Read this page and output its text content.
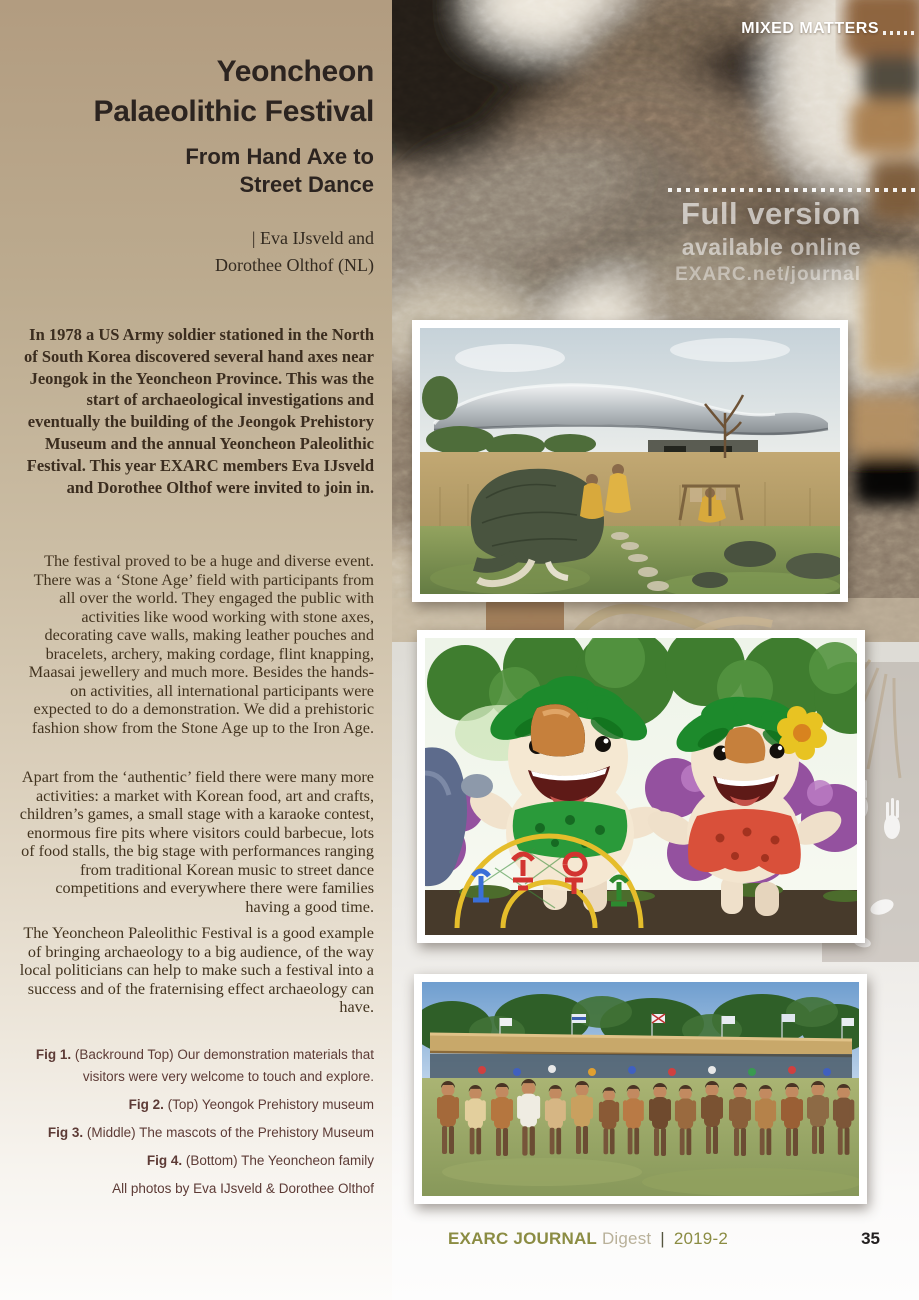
MIXED MATTERS
Full version
available online
EXARC.net/journal
Yeoncheon
Palaeolithic Festival
From Hand Axe to
Street Dance
| Eva IJsveld and
Dorothee Olthof (NL)
In 1978 a US Army soldier stationed in the North of South Korea discovered several hand axes near Jeongok in the Yeoncheon Province. This was the start of archaeological investigations and eventually the building of the Jeongok Prehistory Museum and the annual Yeoncheon Paleolithic Festival. This year EXARC members Eva IJsveld and Dorothee Olthof were invited to join in.
The festival proved to be a huge and diverse event. There was a ‘Stone Age’ field with participants from all over the world. They engaged the public with activities like wood working with stone axes, decorating cave walls, making leather pouches and bracelets, archery, making cordage, flint knapping, Maasai jewellery and much more. Besides the hands-on activities, all international participants were expected to do a demonstration. We did a prehistoric fashion show from the Stone Age up to the Iron Age.
Apart from the ‘authentic’ field there were many more activities: a market with Korean food, art and crafts, children’s games, a small stage with a karaoke contest, enormous fire pits where visitors could barbecue, lots of food stalls, the big stage with performances ranging from traditional Korean music to street dance competitions and everywhere there were families having a good time.
The Yeoncheon Paleolithic Festival is a good example of bringing archaeology to a big audience, of the way local politicians can help to make such a festival into a success and of the fraternising effect archaeology can have.
Fig 1. (Backround Top) Our demonstration materials that visitors were very welcome to touch and explore.
Fig 2. (Top) Yeongok Prehistory museum
Fig 3. (Middle) The mascots of the Prehistory Museum
Fig 4. (Bottom) The Yeoncheon family
All photos by Eva IJsveld & Dorothee Olthof
EXARC JOURNAL Digest | 2019-2	35
